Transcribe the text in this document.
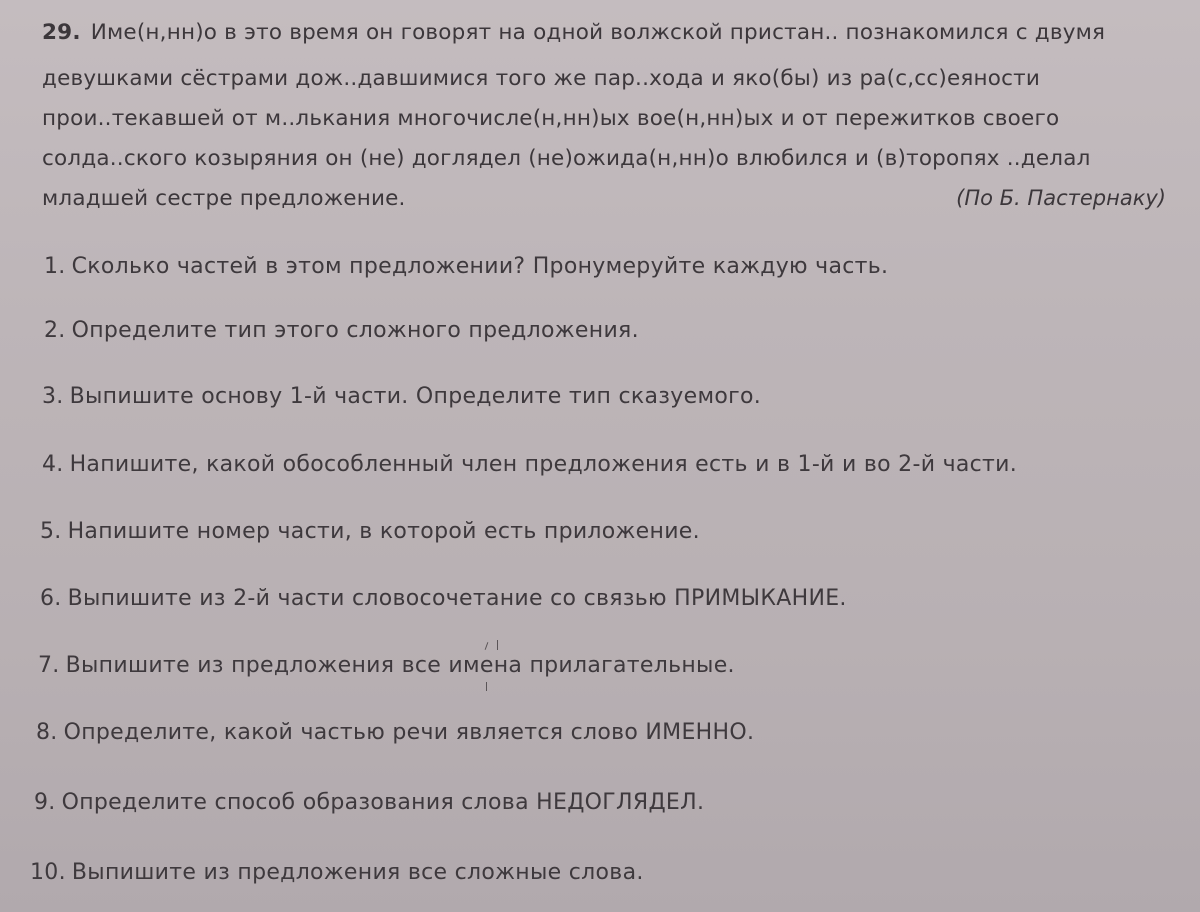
29. Име(н,нн)о в это время он говорят на одной волжской пристан.. познакомился с двумя
девушками сёстрами дож..давшимися того же пар..хода и яко(бы) из ра(с,сс)еяности
прои..текавшей от м..лькания многочисле(н,нн)ых вое(н,нн)ых и от пережитков своего
солда..ского козыряния он (не) доглядел (не)ожида(н,нн)о влюбился и (в)торопях ..делал
младшей сестре предложение.	(По Б. Пастернаку)
1. Сколько частей в этом предложении? Пронумеруйте каждую часть.
2. Определите тип этого сложного предложения.
3. Выпишите основу 1-й части. Определите тип сказуемого.
4. Напишите, какой обособленный член предложения есть и в 1-й и во 2-й части.
5. Напишите номер части, в которой есть приложение.
6. Выпишите из 2-й части словосочетание со связью ПРИМЫКАНИЕ.
7. Выпишите из предложения все имена прилагательные.
8. Определите, какой частью речи является слово ИМЕННО.
9. Определите способ образования слова НЕДОГЛЯДЕЛ.
10. Выпишите из предложения все сложные слова.
